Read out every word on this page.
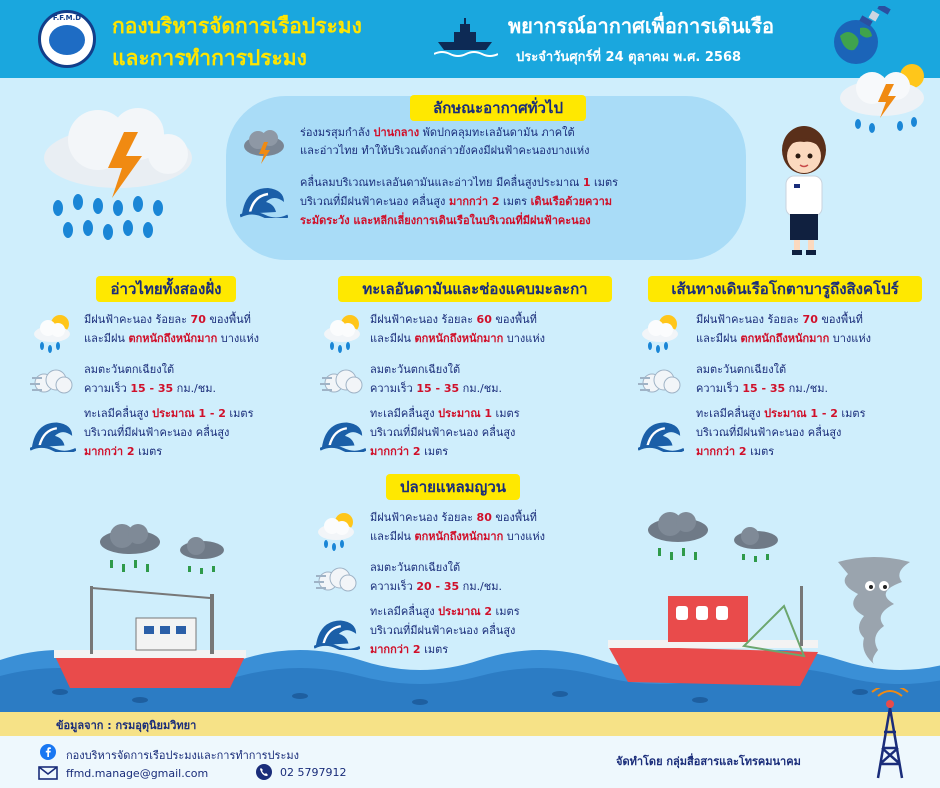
F.F.M.D	กองบริหารจัดการเรือประมง
และการทำการประมง
พยากรณ์อากาศเพื่อการเดินเรือ
ประจำวันศุกร์ที่ 24 ตุลาคม พ.ศ. 2568
ลักษณะอากาศทั่วไป
ร่องมรสุมกำลัง ปานกลาง พัดปกคลุมทะเลอันดามัน ภาคใต้
และอ่าวไทย ทำให้บริเวณดังกล่าวยังคงมีฝนฟ้าคะนองบางแห่ง
คลื่นลมบริเวณทะเลอันดามันและอ่าวไทย มีคลื่นสูงประมาณ 1 เมตร
บริเวณที่มีฝนฟ้าคะนอง คลื่นสูง มากกว่า 2 เมตร เดินเรือด้วยความ
ระมัดระวัง และหลีกเลี่ยงการเดินเรือในบริเวณที่มีฝนฟ้าคะนอง
อ่าวไทยทั้งสองฝั่ง
มีฝนฟ้าคะนอง ร้อยละ 70 ของพื้นที่
และมีฝน ตกหนักถึงหนักมาก บางแห่ง
ลมตะวันตกเฉียงใต้
ความเร็ว 15 - 35 กม./ชม.
ทะเลมีคลื่นสูง ประมาณ 1 - 2 เมตร
บริเวณที่มีฝนฟ้าคะนอง คลื่นสูง
มากกว่า 2 เมตร
ทะเลอันดามันและช่องแคบมะละกา
มีฝนฟ้าคะนอง ร้อยละ 60 ของพื้นที่
และมีฝน ตกหนักถึงหนักมาก บางแห่ง
ลมตะวันตกเฉียงใต้
ความเร็ว 15 - 35 กม./ชม.
ทะเลมีคลื่นสูง ประมาณ 1 เมตร
บริเวณที่มีฝนฟ้าคะนอง คลื่นสูง
มากกว่า 2 เมตร
เส้นทางเดินเรือโกตาบารูถึงสิงคโปร์
มีฝนฟ้าคะนอง ร้อยละ 70 ของพื้นที่
และมีฝน ตกหนักถึงหนักมาก บางแห่ง
ลมตะวันตกเฉียงใต้
ความเร็ว 15 - 35 กม./ชม.
ทะเลมีคลื่นสูง ประมาณ 1 - 2 เมตร
บริเวณที่มีฝนฟ้าคะนอง คลื่นสูง
มากกว่า 2 เมตร
ปลายแหลมญวน
มีฝนฟ้าคะนอง ร้อยละ 80 ของพื้นที่
และมีฝน ตกหนักถึงหนักมาก บางแห่ง
ลมตะวันตกเฉียงใต้
ความเร็ว 20 - 35 กม./ชม.
ทะเลมีคลื่นสูง ประมาณ 2 เมตร
บริเวณที่มีฝนฟ้าคะนอง คลื่นสูง
มากกว่า 2 เมตร
ข้อมูลจาก : กรมอุตุนิยมวิทยา
กองบริหารจัดการเรือประมงและการทำการประมง
ffmd.manage@gmail.com	02 5797912
จัดทำโดย กลุ่มสื่อสารและโทรคมนาคม
